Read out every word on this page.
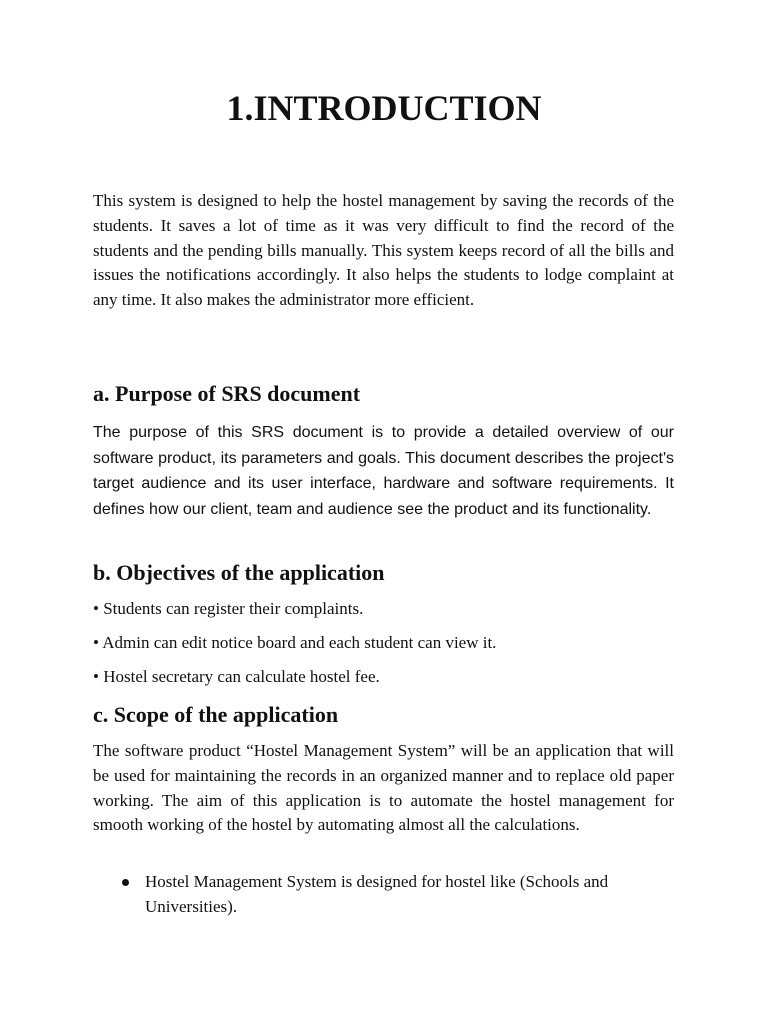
1.INTRODUCTION

This system is designed to help the hostel management by saving the records of the students. It saves a lot of time as it was very difficult to find the record of the students and the pending bills manually. This system keeps record of all the bills and issues the notifications accordingly. It also helps the students to lodge complaint at any time. It also makes the administrator more efficient.

a. Purpose of SRS document

The purpose of this SRS document is to provide a detailed overview of our software product, its parameters and goals. This document describes the project's target audience and its user interface, hardware and software requirements. It defines how our client, team and audience see the product and its functionality.

b. Objectives of the application
• Students can register their complaints.
• Admin can edit notice board and each student can view it.
• Hostel secretary can calculate hostel fee.
c. Scope of the application

The software product “Hostel Management System” will be an application that will be used for maintaining the records in an organized manner and to replace old paper working. The aim of this application is to automate the hostel management for smooth working of the hostel by automating almost all the calculations.

Hostel Management System is designed for hostel like (Schools and Universities).
